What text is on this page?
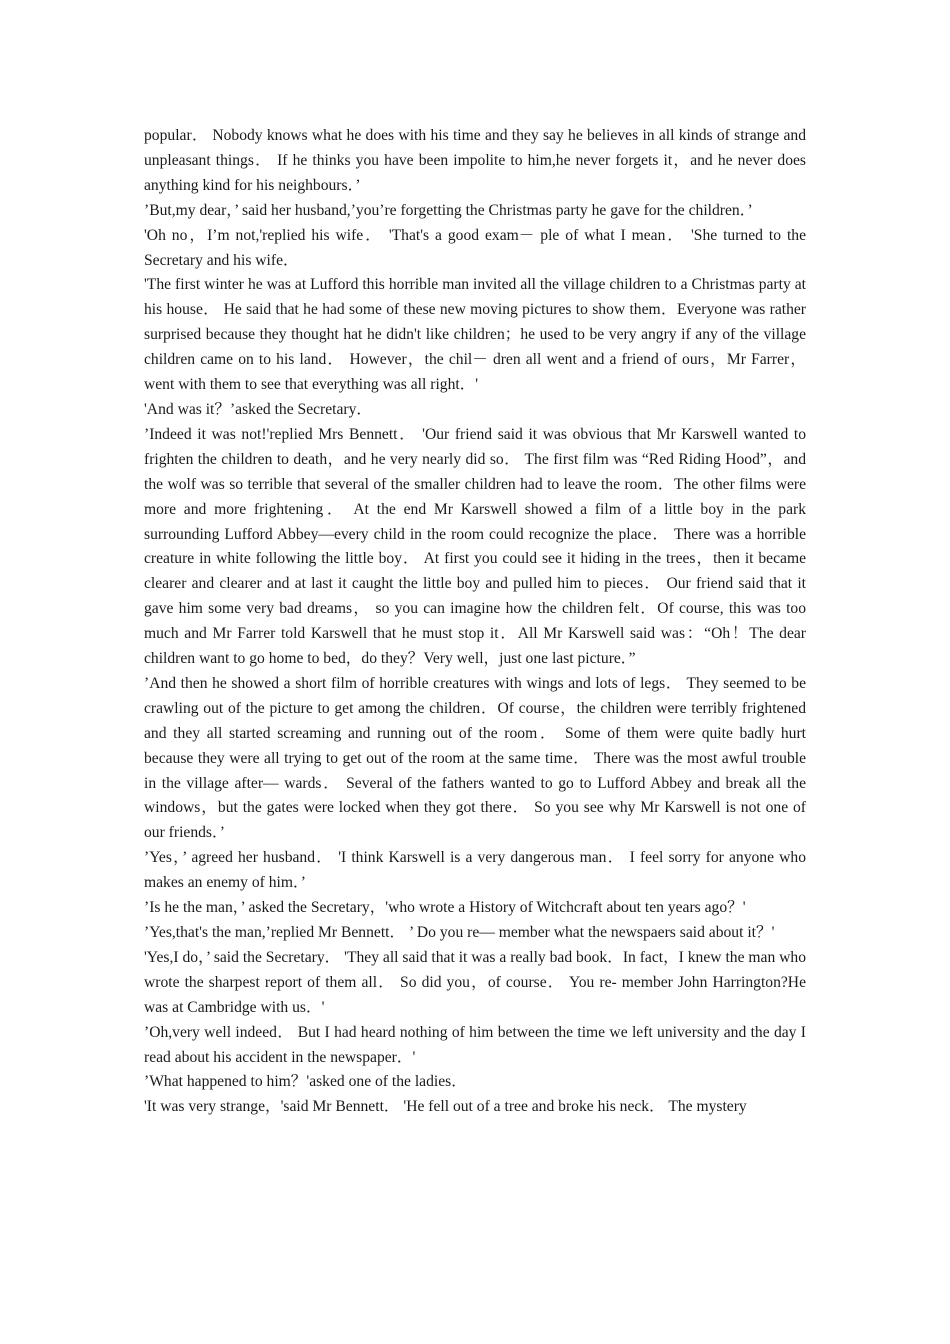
popular． Nobody knows what he does with his time and they say he believes in all kinds of strange and unpleasant things． If he thinks you have been impolite to him,he never forgets it，and he never does anything kind for his neighbours．’

’But,my dear，’ said her husband,’you’re forgetting the Christmas party he gave for the children．’

'Oh no，I’m not,'replied his wife． 'That's a good exam－ ple of what I mean． 'She turned to the Secretary and his wife．

'The first winter he was at Lufford this horrible man invited all the village children to a Christmas party at his house． He said that he had some of these new moving pictures to show them．Everyone was rather surprised because they thought hat he didn't like children；he used to be very angry if any of the village children came on to his land． However，the chil－ dren all went and a friend of ours，Mr Farrer，went with them to see that everything was all right．'

'And was it？’asked the Secretary．

’Indeed it was not!'replied Mrs Bennett． 'Our friend said it was obvious that Mr Karswell wanted to frighten the children to death，and he very nearly did so． The first film was “Red Riding Hood”，and the wolf was so terrible that several of the smaller children had to leave the room．The other films were more and more frightening． At the end Mr Karswell showed a film of a little boy in the park surrounding Lufford Abbey—every child in the room could recognize the place． There was a horrible creature in white following the little boy． At first you could see it hiding in the trees，then it became clearer and clearer and at last it caught the little boy and pulled him to pieces． Our friend said that it gave him some very bad dreams， so you can imagine how the children felt．Of course, this was too much and Mr Farrer told Karswell that he must stop it．All Mr Karswell said was：“Oh！The dear children want to go home to bed，do they？Very well，just one last picture．”

’And then he showed a short film of horrible creatures with wings and lots of legs． They seemed to be crawling out of the picture to get among the children．Of course，the children were terribly frightened and they all started screaming and running out of the room． Some of them were quite badly hurt because they were all trying to get out of the room at the same time． There was the most awful trouble in the village after— wards． Several of the fathers wanted to go to Lufford Abbey and break all the windows，but the gates were locked when they got there． So you see why Mr Karswell is not one of our friends．’

’Yes，’ agreed her husband． 'I think Karswell is a very dangerous man． I feel sorry for anyone who makes an enemy of him．’

’Is he the man，’ asked the Secretary，'who wrote a History of Witchcraft about ten years ago？'

’Yes,that's the man,’replied Mr Bennett． ’ Do you re— member what the newspaers said about it？'

'Yes,I do，’ said the Secretary． 'They all said that it was a really bad book．In fact，I knew the man who wrote the sharpest report of them all． So did you，of course． You re- member John Harrington?He was at Cambridge with us．'

’Oh,very well indeed． But I had heard nothing of him between the time we left university and the day I read about his accident in the newspaper．'

’What happened to him？'asked one of the ladies．

'It was very strange，'said Mr Bennett． 'He fell out of a tree and broke his neck． The mystery
